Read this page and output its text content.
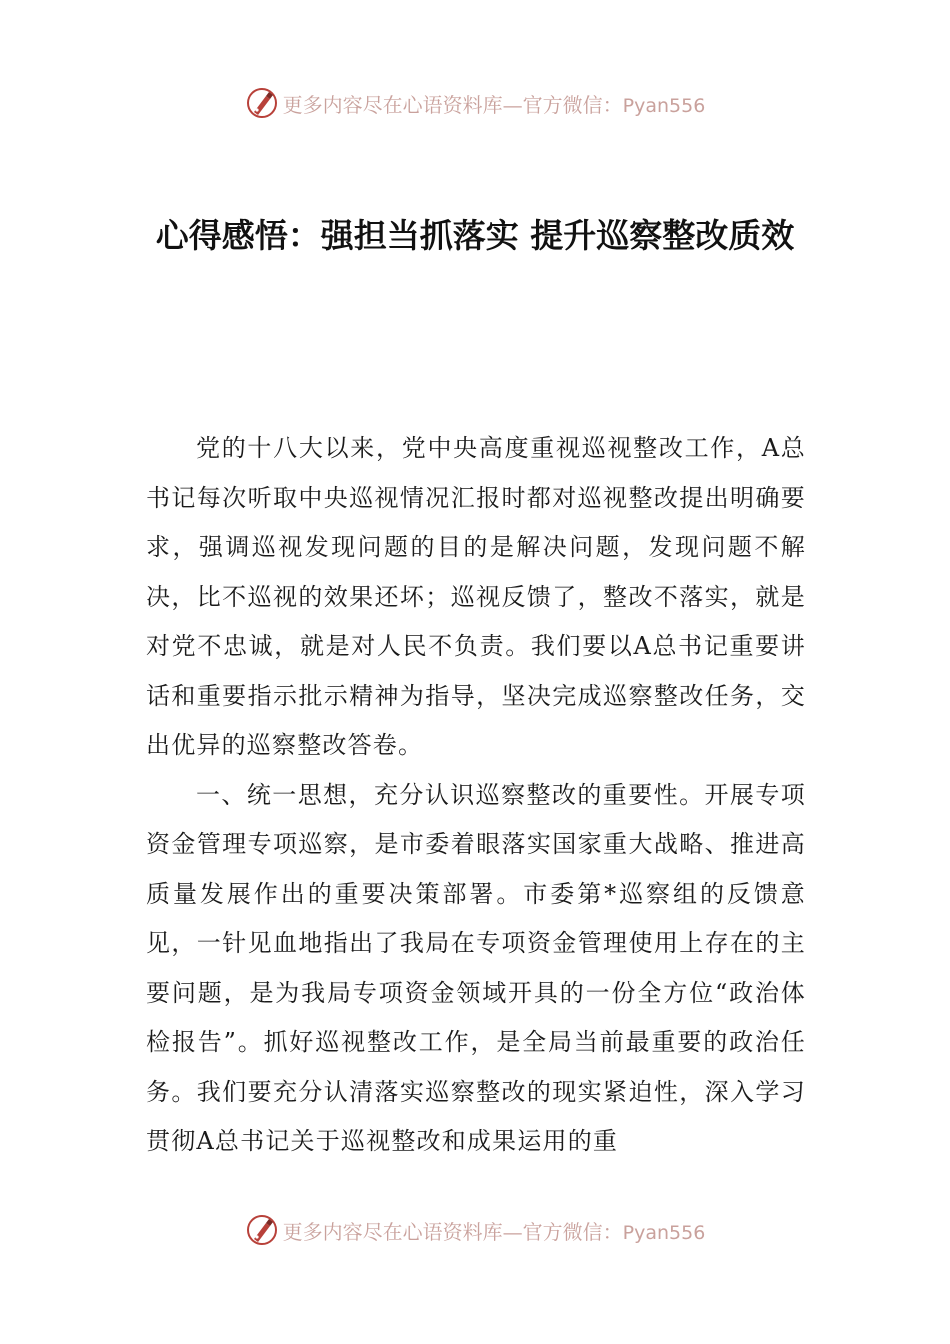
更多内容尽在心语资料库—官方微信：Pyan556
心得感悟：强担当抓落实 提升巡察整改质效

党的十八大以来，党中央高度重视巡视整改工作，A总书记每次听取中央巡视情况汇报时都对巡视整改提出明确要求，强调巡视发现问题的目的是解决问题，发现问题不解决，比不巡视的效果还坏；巡视反馈了，整改不落实，就是对党不忠诚，就是对人民不负责。我们要以A总书记重要讲话和重要指示批示精神为指导，坚决完成巡察整改任务，交出优异的巡察整改答卷。

一、统一思想，充分认识巡察整改的重要性。开展专项资金管理专项巡察，是市委着眼落实国家重大战略、推进高质量发展作出的重要决策部署。市委第*巡察组的反馈意见，一针见血地指出了我局在专项资金管理使用上存在的主要问题，是为我局专项资金领域开具的一份全方位“政治体检报告”。抓好巡视整改工作，是全局当前最重要的政治任务。我们要充分认清落实巡察整改的现实紧迫性，深入学习贯彻A总书记关于巡视整改和成果运用的重

更多内容尽在心语资料库—官方微信：Pyan556
